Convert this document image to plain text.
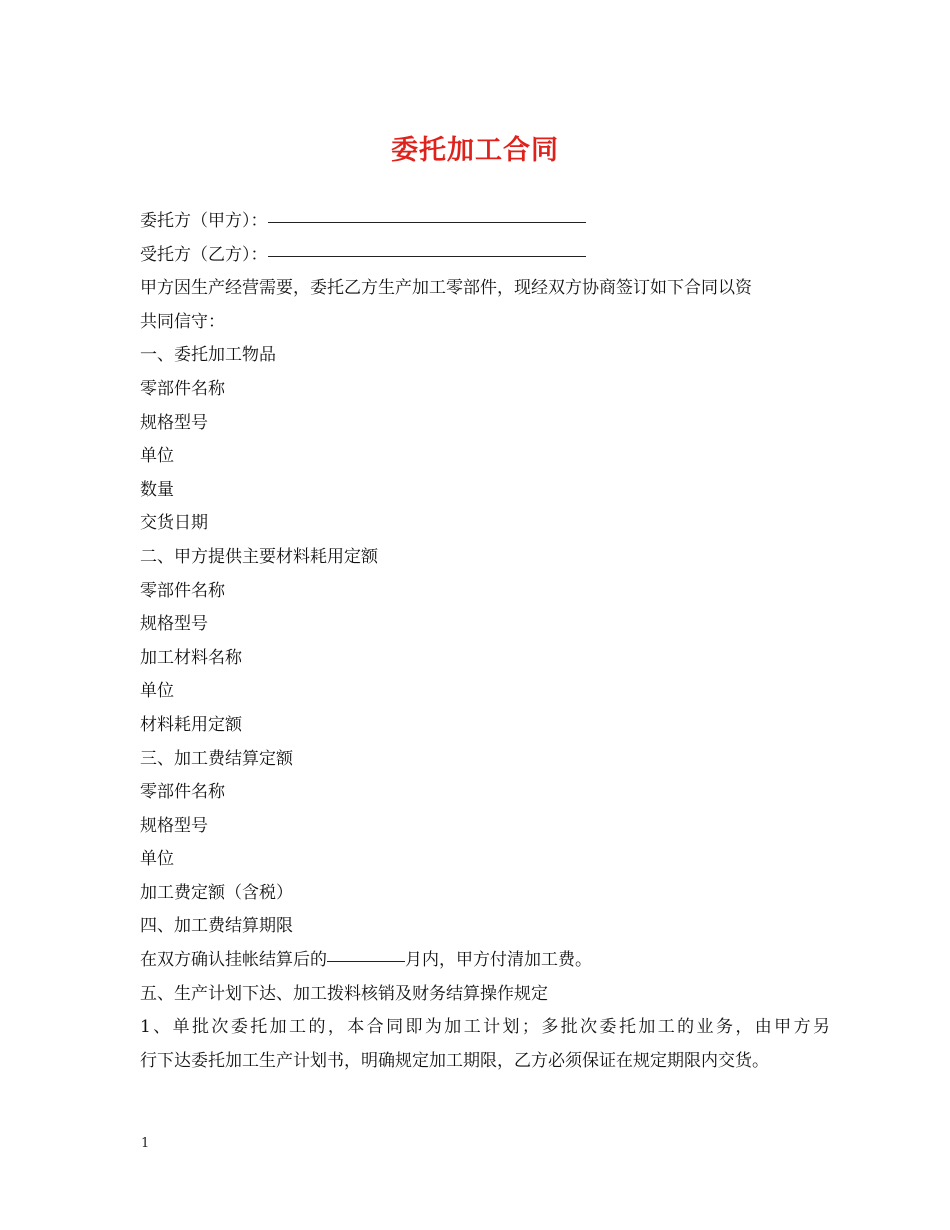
委托加工合同
委托方（甲方）：
受托方（乙方）：
甲方因生产经营需要，委托乙方生产加工零部件，现经双方协商签订如下合同以资
共同信守：
一、委托加工物品
零部件名称
规格型号
单位
数量
交货日期
二、甲方提供主要材料耗用定额
零部件名称
规格型号
加工材料名称
单位
材料耗用定额
三、加工费结算定额
零部件名称
规格型号
单位
加工费定额（含税）
四、加工费结算期限
在双方确认挂帐结算后的	月内，甲方付清加工费。
五、生产计划下达、加工拨料核销及财务结算操作规定
1、单批次委托加工的，本合同即为加工计划；多批次委托加工的业务，由甲方另
行下达委托加工生产计划书，明确规定加工期限，乙方必须保证在规定期限内交货。
1
